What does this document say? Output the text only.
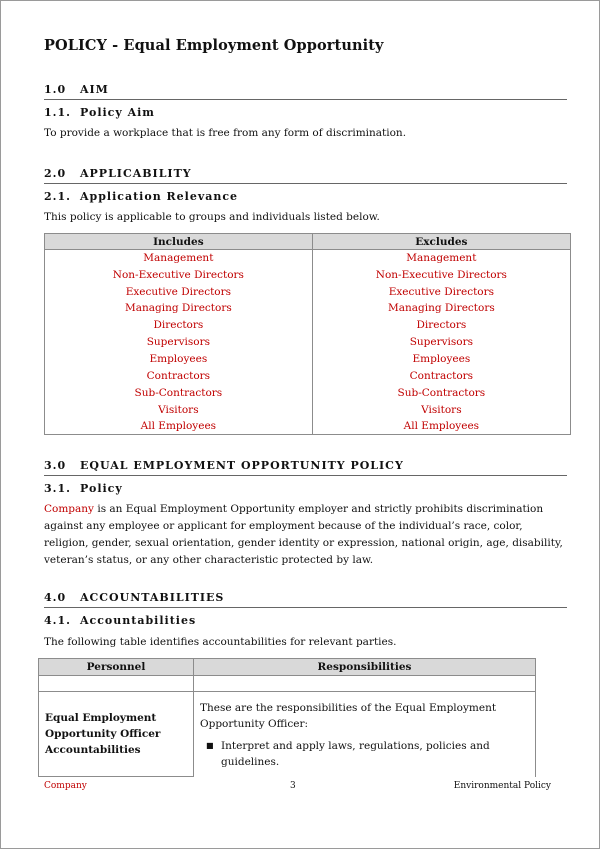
POLICY - Equal Employment Opportunity
1.0 AIM
1.1. Policy Aim
To provide a workplace that is free from any form of discrimination.
2.0 APPLICABILITY
2.1. Application Relevance
This policy is applicable to groups and individuals listed below.
Includes	Excludes
Management	Management
Non-Executive Directors	Non-Executive Directors
Executive Directors	Executive Directors
Managing Directors	Managing Directors
Directors	Directors
Supervisors	Supervisors
Employees	Employees
Contractors	Contractors
Sub-Contractors	Sub-Contractors
Visitors	Visitors
All Employees	All Employees
3.0 EQUAL EMPLOYMENT OPPORTUNITY POLICY
3.1. Policy
Company is an Equal Employment Opportunity employer and strictly prohibits discrimination against any employee or applicant for employment because of the individual’s race, color, religion, gender, sexual orientation, gender identity or expression, national origin, age, disability, veteran’s status, or any other characteristic protected by law.
4.0 ACCOUNTABILITIES
4.1. Accountabilities
The following table identifies accountabilities for relevant parties.
Personnel	Responsibilities

Equal Employment Opportunity Officer Accountabilities	These are the responsibilities of the Equal Employment Opportunity Officer:
■ Interpret and apply laws, regulations, policies and guidelines.
Company	3	Environmental Policy
